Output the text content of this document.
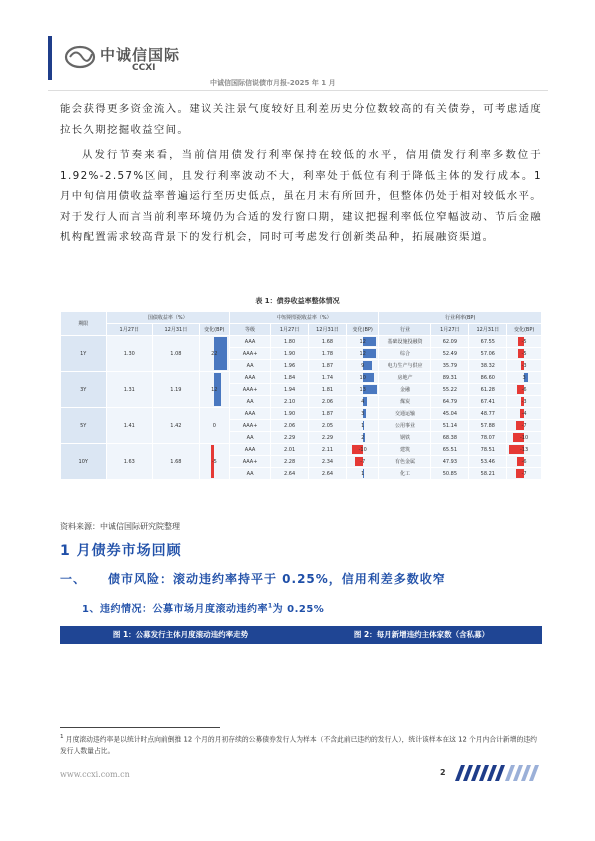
中诚信国际
CCXI
中诚信国际信说债市月报-2025 年 1 月

能会获得更多资金流入。建议关注景气度较好且利差历史分位数较高的有关债券，可考虑适度拉长久期挖掘收益空间。

从发行节奏来看，当前信用债发行利率保持在较低的水平，信用债发行利率多数位于 1.92%-2.57%区间，且发行利率波动不大，利率处于低位有利于降低主体的发行成本。1 月中旬信用债收益率普遍运行至历史低点，虽在月末有所回升，但整体仍处于相对较低水平。对于发行人而言当前利率环境仍为合适的发行窗口期，建议把握利率低位窄幅波动、节后金融机构配置需求较高背景下的发行机会，同时可考虑发行创新类品种，拓展融资渠道。

表 1：债券收益率整体情况
期限	国债收益率（%）			中短期票据收益率（%）				行业利率(BP)			
	1月27日	12月31日	变化(BP)	等级	1月27日	12月31日	变化(BP)	行业	1月27日	12月31日	变化(BP)
1Y	1.30	1.08	22	AAA	1.80	1.68	12	基础设施投融资	62.09	67.55	-5
				AAA+	1.90	1.78	12	综合	52.49	57.06	-5
				AA	1.96	1.87	9	电力生产与供应	35.79	38.32	-3
3Y	1.31	1.19	12	AAA	1.84	1.74	10	房地产	89.31	86.60	3
				AAA+	1.94	1.81	13	金融	55.22	61.28	-6
				AA	2.10	2.06	4	煤炭	64.79	67.41	-3
5Y	1.41	1.42	0	AAA	1.90	1.87	3	交通运输	45.04	48.77	-4
				AAA+	2.06	2.05	1	公用事业	51.14	57.88	-7
				AA	2.29	2.29	2	钢铁	68.38	78.07	-10
10Y	1.63	1.68	-5	AAA	2.01	2.11	-10	建筑	65.51	78.51	-13
				AAA+	2.28	2.34	-7	有色金属	47.93	53.46	-6
				AA	2.64	2.64	1	化工	50.85	58.21	-7
资料来源：中诚信国际研究院整理
1 月债券市场回顾
一、 债市风险：滚动违约率持平于 0.25%，信用利差多数收窄
1、违约情况：公募市场月度滚动违约率$^1$为 0.25%
图 1：公募发行主体月度滚动违约率走势	图 2：每月新增违约主体家数（含私募）
$^1$ 月度滚动违约率是以统计时点向前倒推 12 个月的月初存续的公募债券发行人为样本（不含此前已违约的发行人），统计该样本在这 12 个月内合计新增的违约发行人数量占比。
www.ccxi.com.cn	2
